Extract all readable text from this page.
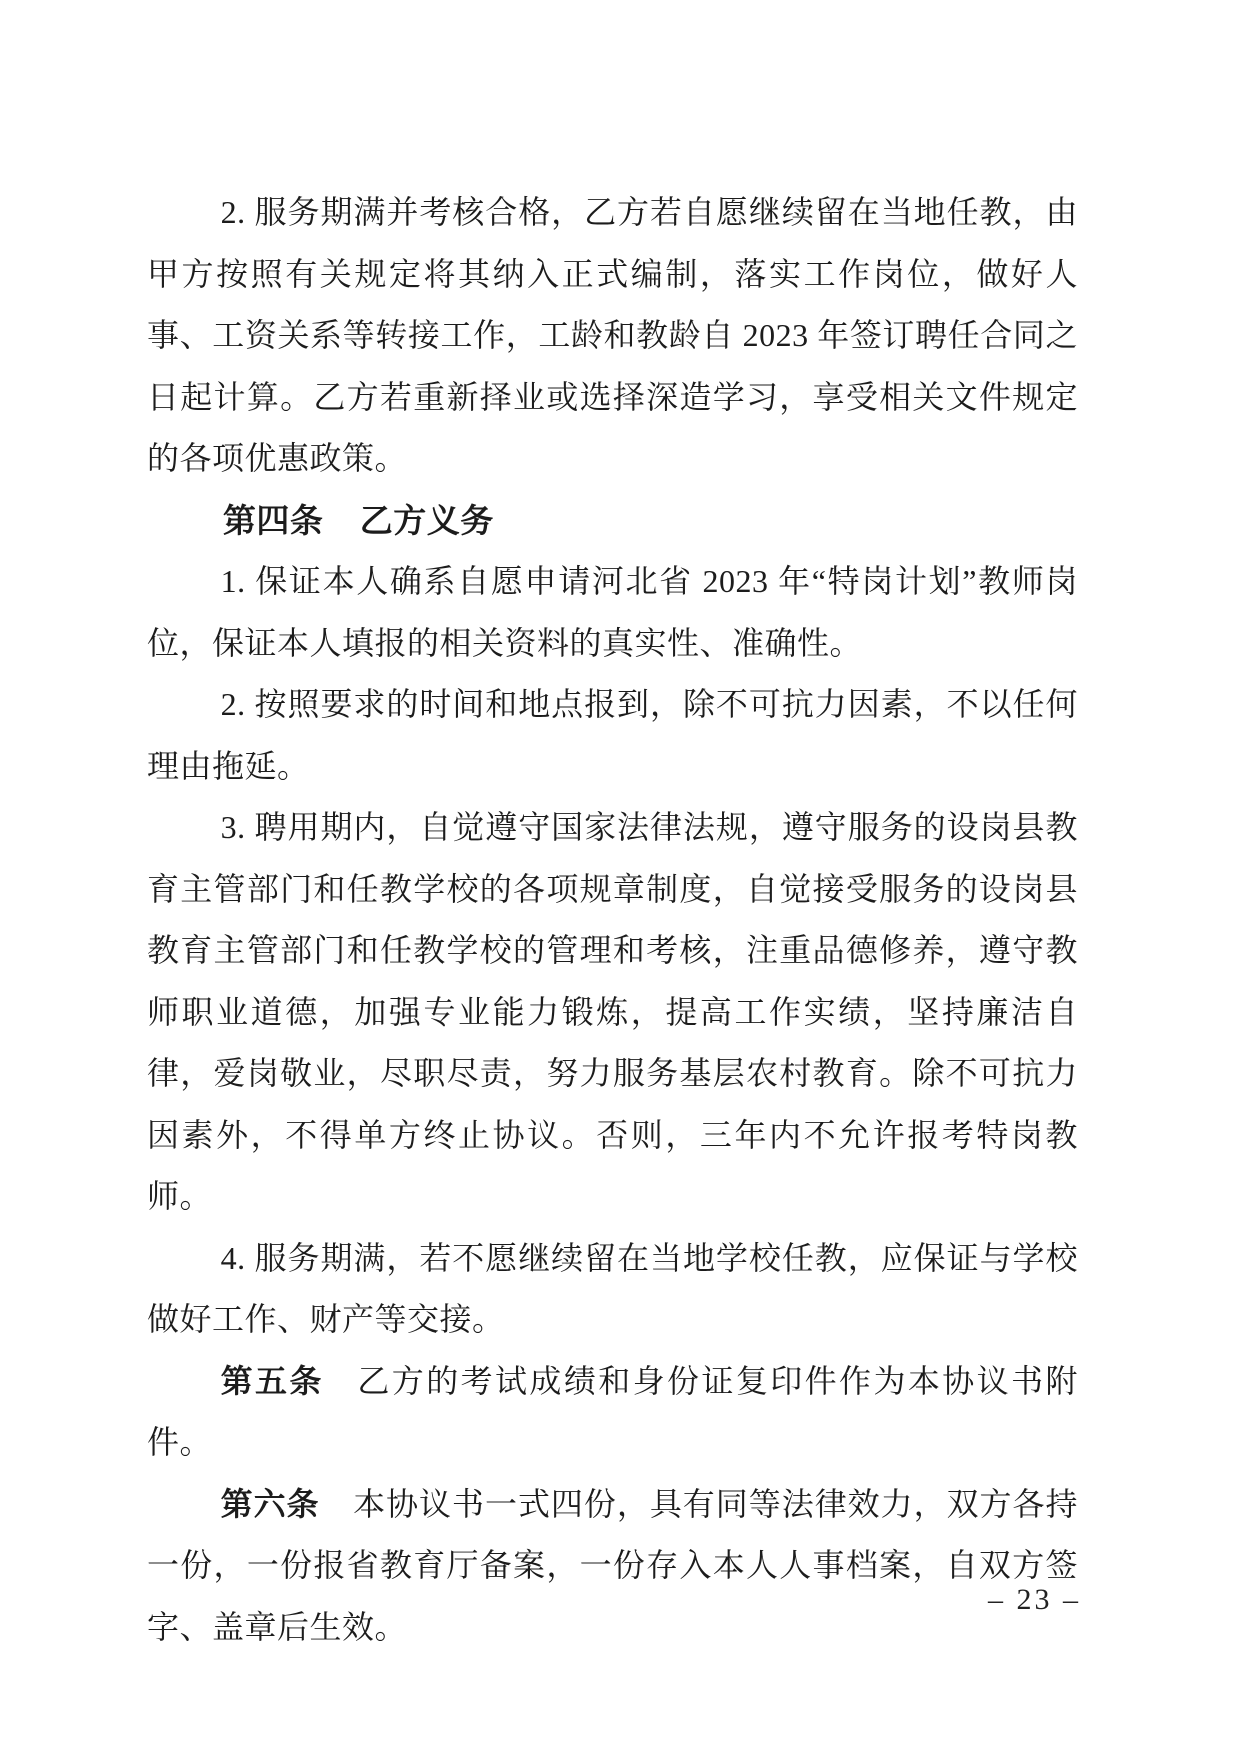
2. 服务期满并考核合格，乙方若自愿继续留在当地任教，由甲方按照有关规定将其纳入正式编制，落实工作岗位，做好人事、工资关系等转接工作，工龄和教龄自 2023 年签订聘任合同之日起计算。乙方若重新择业或选择深造学习，享受相关文件规定的各项优惠政策。

第四条 乙方义务

1. 保证本人确系自愿申请河北省 2023 年“特岗计划”教师岗位，保证本人填报的相关资料的真实性、准确性。

2. 按照要求的时间和地点报到，除不可抗力因素，不以任何理由拖延。

3. 聘用期内，自觉遵守国家法律法规，遵守服务的设岗县教育主管部门和任教学校的各项规章制度，自觉接受服务的设岗县教育主管部门和任教学校的管理和考核，注重品德修养，遵守教师职业道德，加强专业能力锻炼，提高工作实绩，坚持廉洁自律，爱岗敬业，尽职尽责，努力服务基层农村教育。除不可抗力因素外，不得单方终止协议。否则，三年内不允许报考特岗教师。

4. 服务期满，若不愿继续留在当地学校任教，应保证与学校做好工作、财产等交接。

第五条 乙方的考试成绩和身份证复印件作为本协议书附件。

第六条 本协议书一式四份，具有同等法律效力，双方各持一份，一份报省教育厅备案，一份存入本人人事档案，自双方签字、盖章后生效。

– 23 –
